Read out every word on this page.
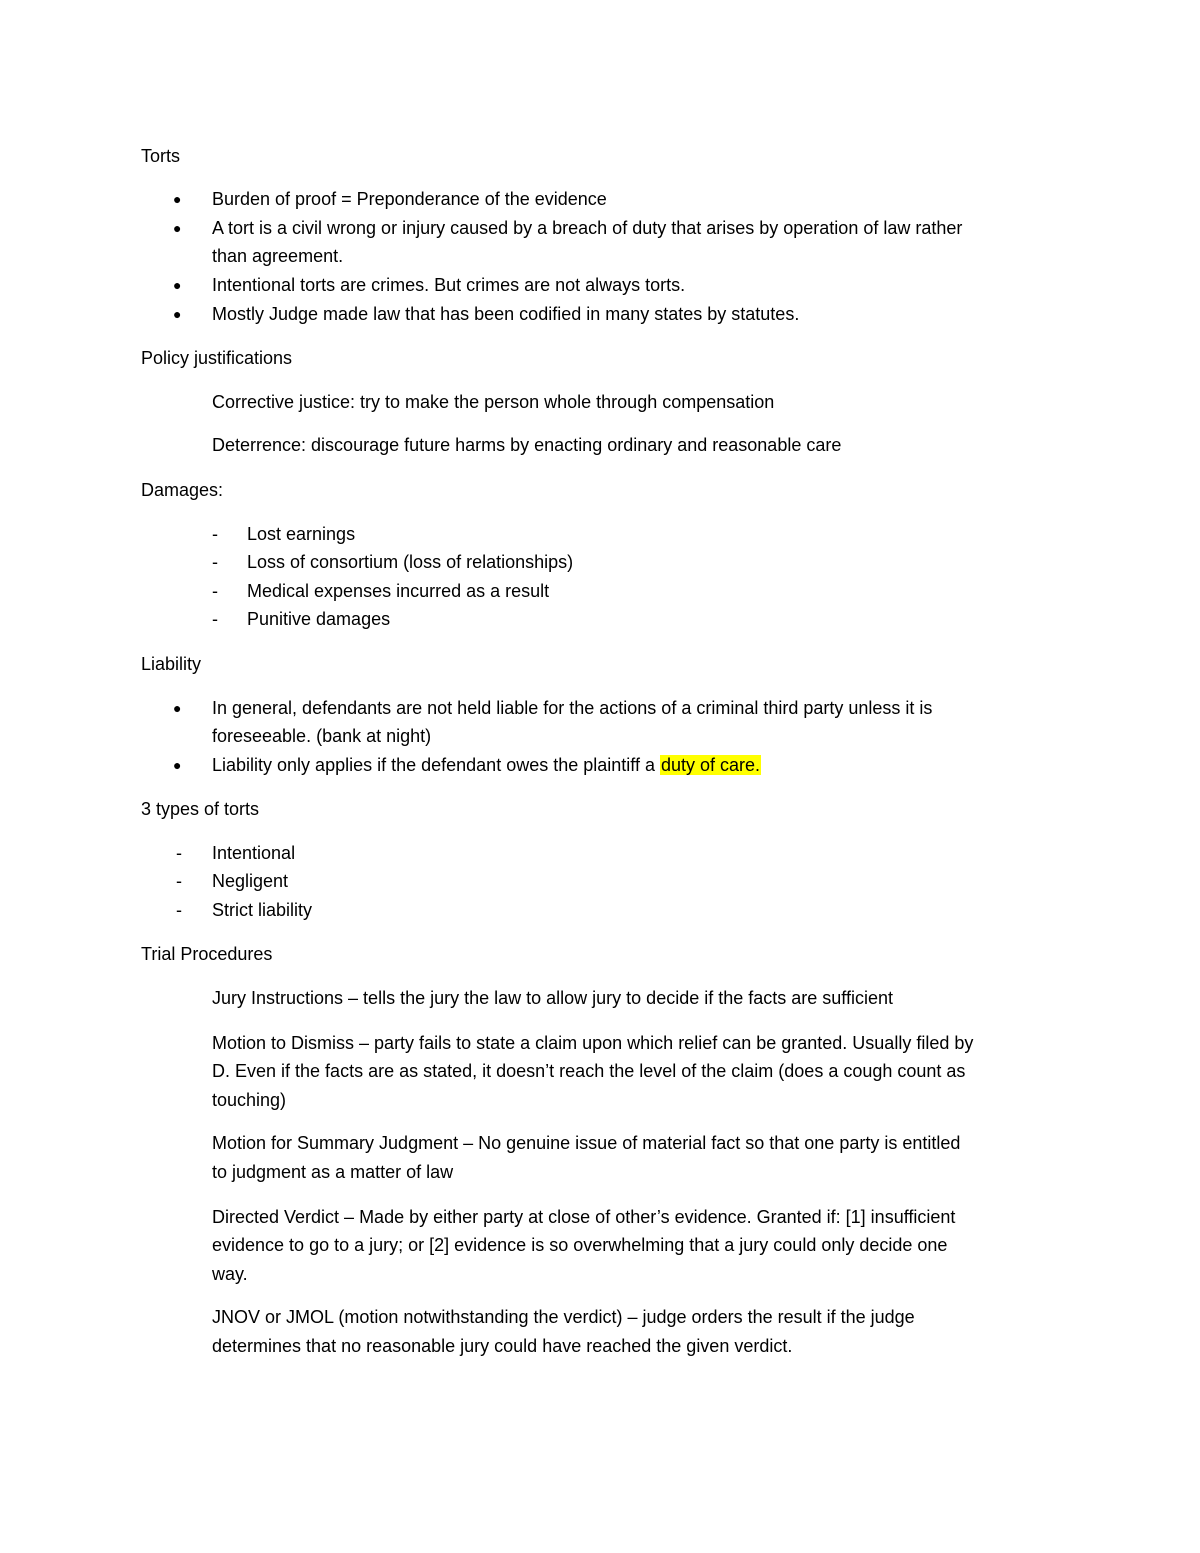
Torts
● Burden of proof = Preponderance of the evidence
● A tort is a civil wrong or injury caused by a breach of duty that arises by operation of law rather
than agreement.
● Intentional torts are crimes. But crimes are not always torts.
● Mostly Judge made law that has been codified in many states by statutes.
Policy justifications
Corrective justice: try to make the person whole through compensation
Deterrence: discourage future harms by enacting ordinary and reasonable care
Damages:
-	Lost earnings
-	Loss of consortium (loss of relationships)
-	Medical expenses incurred as a result
-	Punitive damages
Liability
● In general, defendants are not held liable for the actions of a criminal third party unless it is
foreseeable. (bank at night)
● Liability only applies if the defendant owes the plaintiff a duty of care.
3 types of torts
-	Intentional
-	Negligent
-	Strict liability
Trial Procedures
Jury Instructions – tells the jury the law to allow jury to decide if the facts are sufficient
Motion to Dismiss – party fails to state a claim upon which relief can be granted. Usually filed by
D. Even if the facts are as stated, it doesn’t reach the level of the claim (does a cough count as
touching)
Motion for Summary Judgment – No genuine issue of material fact so that one party is entitled
to judgment as a matter of law
Directed Verdict – Made by either party at close of other’s evidence. Granted if: [1] insufficient
evidence to go to a jury; or [2] evidence is so overwhelming that a jury could only decide one
way.
JNOV or JMOL (motion notwithstanding the verdict) – judge orders the result if the judge
determines that no reasonable jury could have reached the given verdict.
